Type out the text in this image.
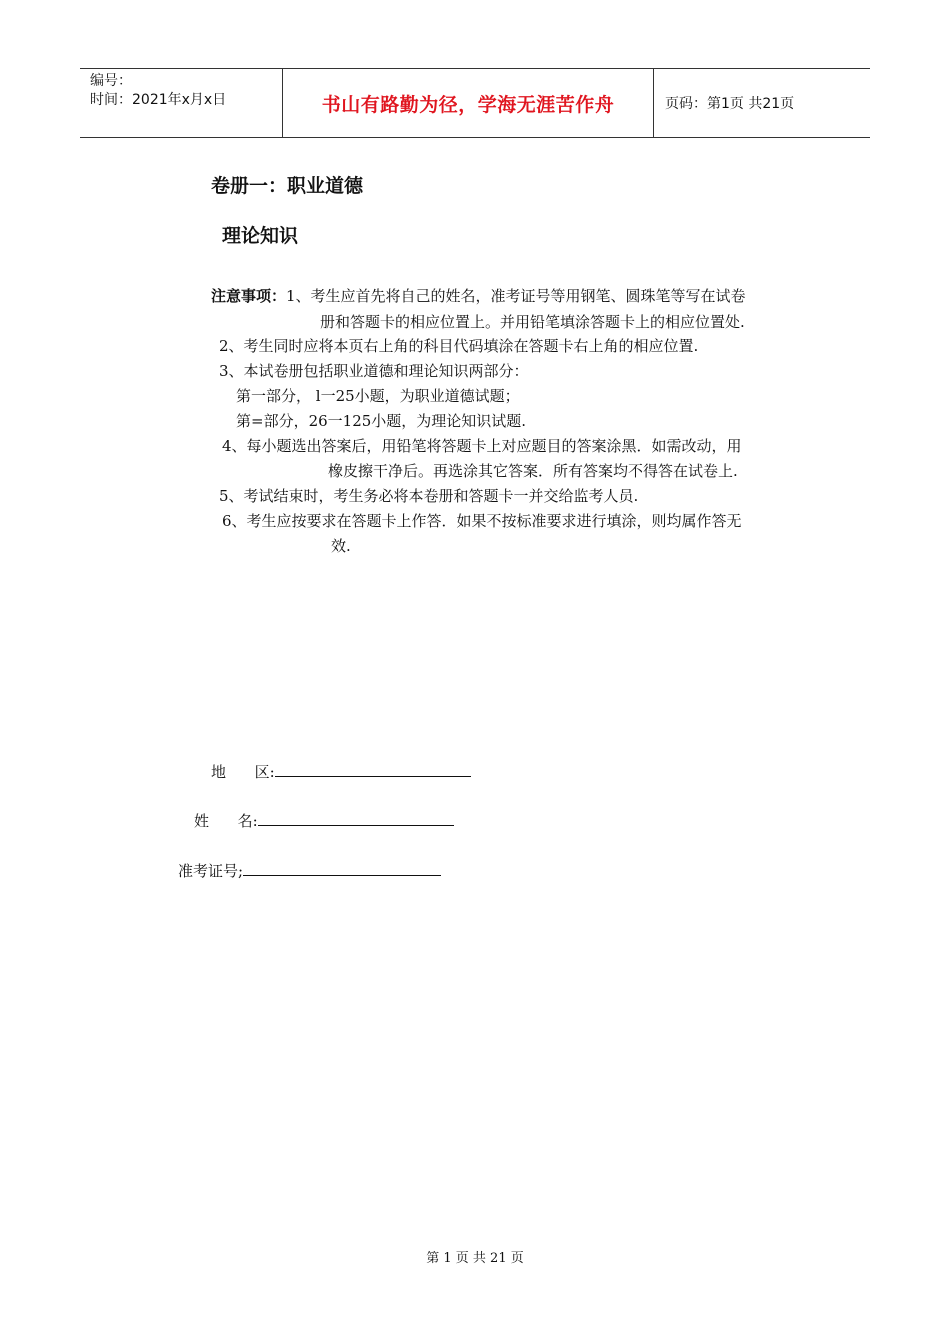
编号：
时间：2021年x月x日	书山有路勤为径，学海无涯苦作舟	页码：第1页 共21页
卷册一：职业道德
理论知识
注意事项：1、考生应首先将自己的姓名，准考证号等用钢笔、圆珠笔等写在试卷
册和答题卡的相应位置上。并用铅笔填涂答题卡上的相应位置处.
2、考生同时应将本页右上角的科目代码填涂在答题卡右上角的相应位置.
3、本试卷册包括职业道德和理论知识两部分：
第一部分， l一25小题，为职业道德试题；
第=部分，26一125小题，为理论知识试题.
4、每小题选出答案后，用铅笔将答题卡上对应题目的答案涂黑．如需改动，用
橡皮擦干净后。再选涂其它答案．所有答案均不得答在试卷上.
5、考试结束时，考生务必将本卷册和答题卡一并交给监考人员.
6、考生应按要求在答题卡上作答．如果不按标准要求进行填涂，则均属作答无
效.
地      区:
姓      名:
准考证号;
第 1 页 共 21 页
